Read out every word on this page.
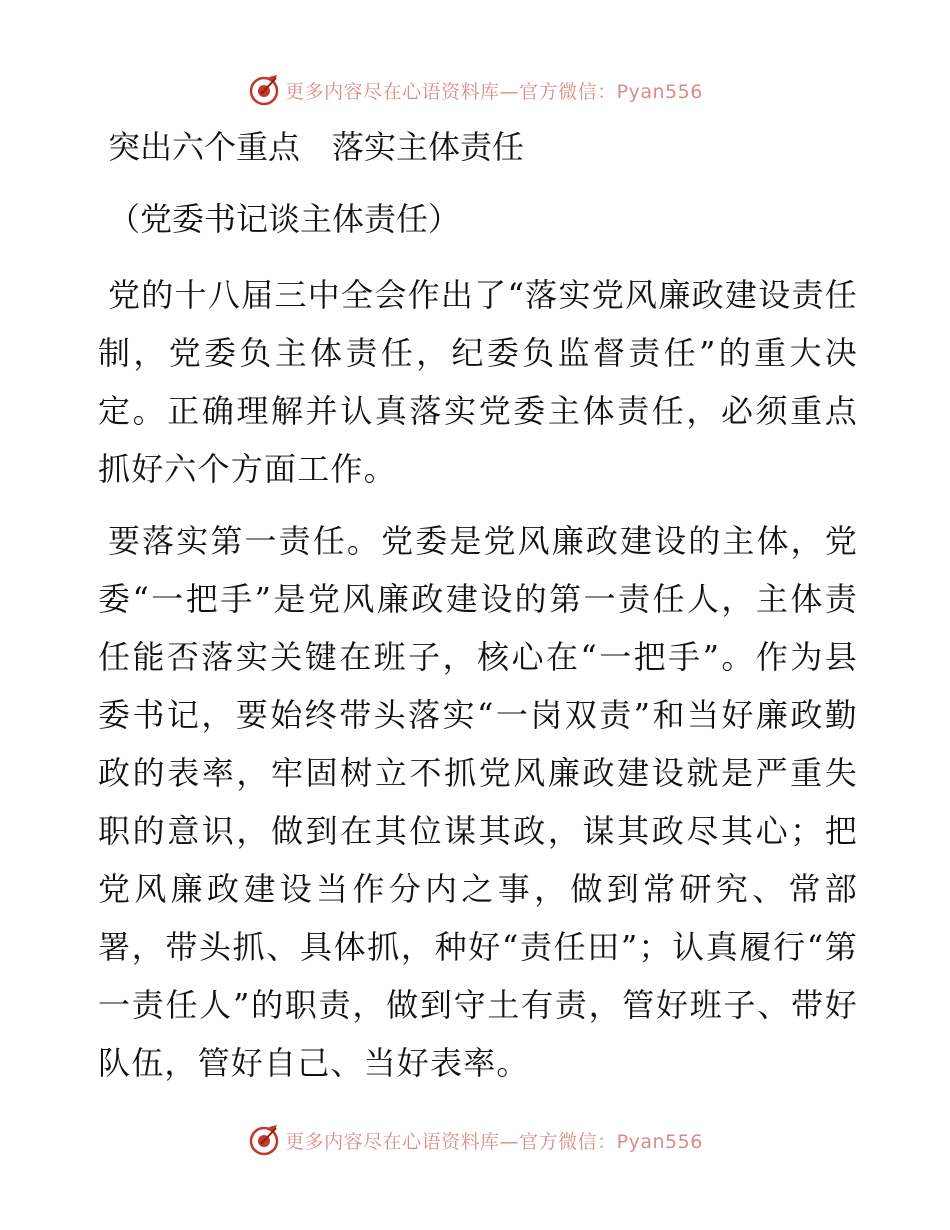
更多内容尽在心语资料库—官方微信：Pyan556
突出六个重点　落实主体责任
（党委书记谈主体责任）

党的十八届三中全会作出了“落实党风廉政建设责任制，党委负主体责任，纪委负监督责任”的重大决定。正确理解并认真落实党委主体责任，必须重点抓好六个方面工作。

要落实第一责任。党委是党风廉政建设的主体，党委“一把手”是党风廉政建设的第一责任人，主体责任能否落实关键在班子，核心在“一把手”。作为县委书记，要始终带头落实“一岗双责”和当好廉政勤政的表率，牢固树立不抓党风廉政建设就是严重失职的意识，做到在其位谋其政，谋其政尽其心；把党风廉政建设当作分内之事，做到常研究、常部署，带头抓、具体抓，种好“责任田”；认真履行“第一责任人”的职责，做到守土有责，管好班子、带好队伍，管好自己、当好表率。

更多内容尽在心语资料库—官方微信：Pyan556
